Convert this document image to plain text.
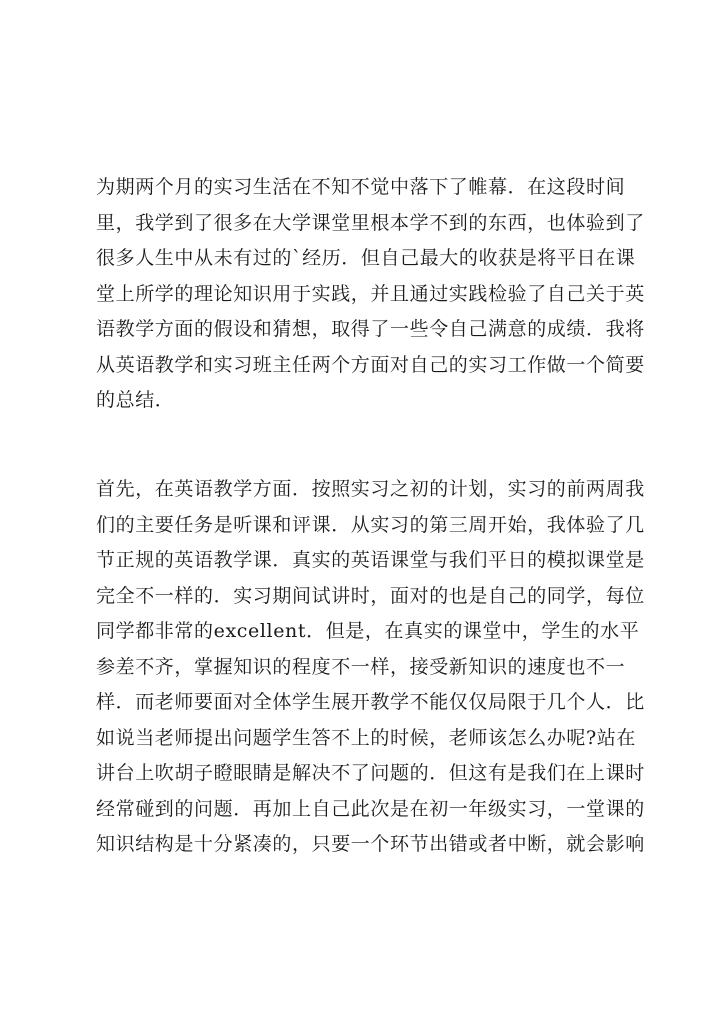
为期两个月的实习生活在不知不觉中落下了帷幕．在这段时间
里，我学到了很多在大学课堂里根本学不到的东西，也体验到了
很多人生中从未有过的`经历．但自己最大的收获是将平日在课
堂上所学的理论知识用于实践，并且通过实践检验了自己关于英
语教学方面的假设和猜想，取得了一些令自己满意的成绩．我将
从英语教学和实习班主任两个方面对自己的实习工作做一个简要
的总结．
首先，在英语教学方面．按照实习之初的计划，实习的前两周我
们的主要任务是听课和评课．从实习的第三周开始，我体验了几
节正规的英语教学课．真实的英语课堂与我们平日的模拟课堂是
完全不一样的．实习期间试讲时，面对的也是自己的同学，每位
同学都非常的excellent．但是，在真实的课堂中，学生的水平
参差不齐，掌握知识的程度不一样，接受新知识的速度也不一
样．而老师要面对全体学生展开教学不能仅仅局限于几个人．比
如说当老师提出问题学生答不上的时候，老师该怎么办呢?站在
讲台上吹胡子瞪眼睛是解决不了问题的．但这有是我们在上课时
经常碰到的问题．再加上自己此次是在初一年级实习，一堂课的
知识结构是十分紧凑的，只要一个环节出错或者中断，就会影响
